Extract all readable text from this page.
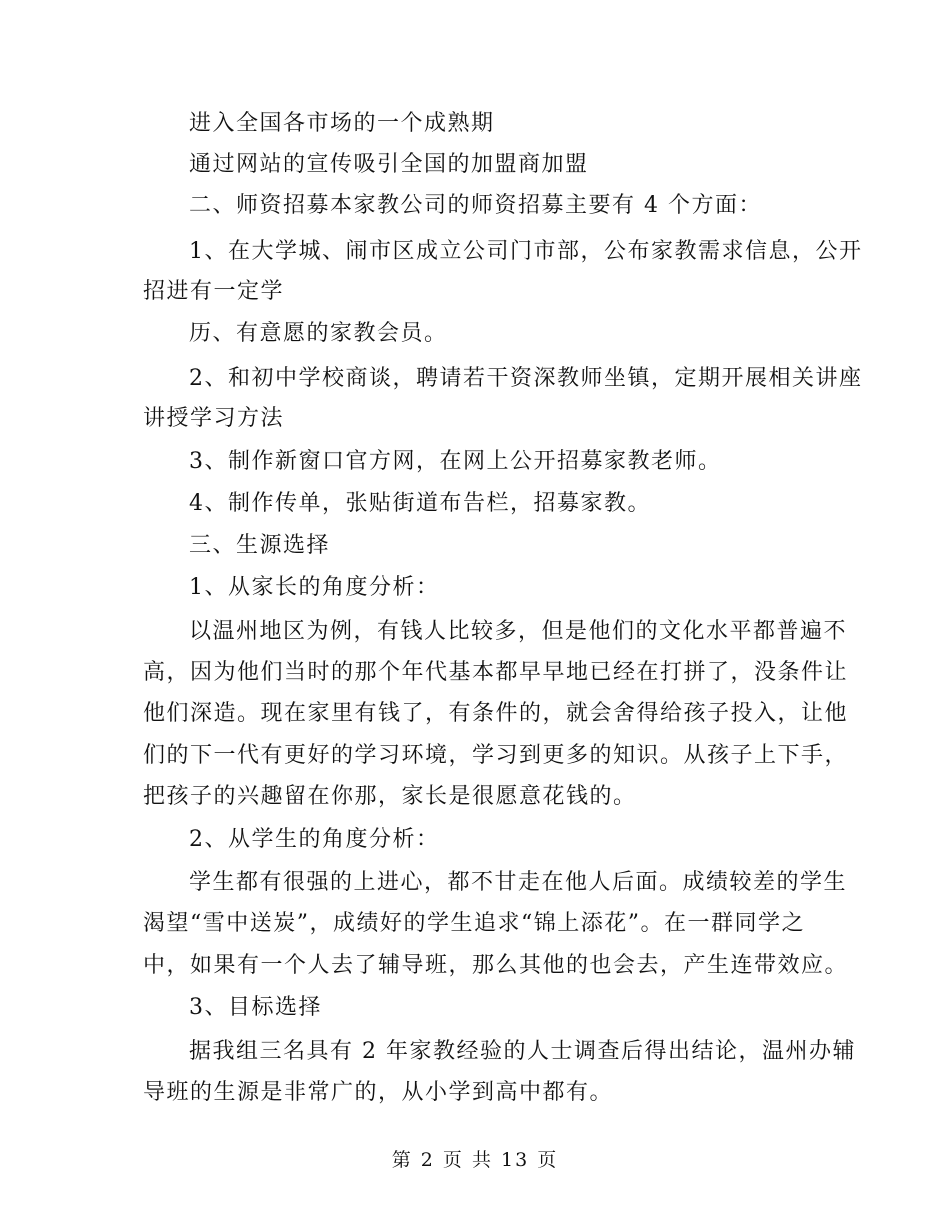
进入全国各市场的一个成熟期
通过网站的宣传吸引全国的加盟商加盟
二、师资招募本家教公司的师资招募主要有 4 个方面：
1、在大学城、闹市区成立公司门市部，公布家教需求信息，公开
招进有一定学
历、有意愿的家教会员。
2、和初中学校商谈，聘请若干资深教师坐镇，定期开展相关讲座
讲授学习方法
3、制作新窗口官方网，在网上公开招募家教老师。
4、制作传单，张贴街道布告栏，招募家教。
三、生源选择
1、从家长的角度分析：
以温州地区为例，有钱人比较多，但是他们的文化水平都普遍不
高，因为他们当时的那个年代基本都早早地已经在打拼了，没条件让
他们深造。现在家里有钱了，有条件的，就会舍得给孩子投入，让他
们的下一代有更好的学习环境，学习到更多的知识。从孩子上下手，
把孩子的兴趣留在你那，家长是很愿意花钱的。
2、从学生的角度分析：
学生都有很强的上进心，都不甘走在他人后面。成绩较差的学生
渴望“雪中送炭”，成绩好的学生追求“锦上添花”。在一群同学之
中，如果有一个人去了辅导班，那么其他的也会去，产生连带效应。
3、目标选择
据我组三名具有 2 年家教经验的人士调查后得出结论，温州办辅
导班的生源是非常广的，从小学到高中都有。
第 2 页 共 13 页
